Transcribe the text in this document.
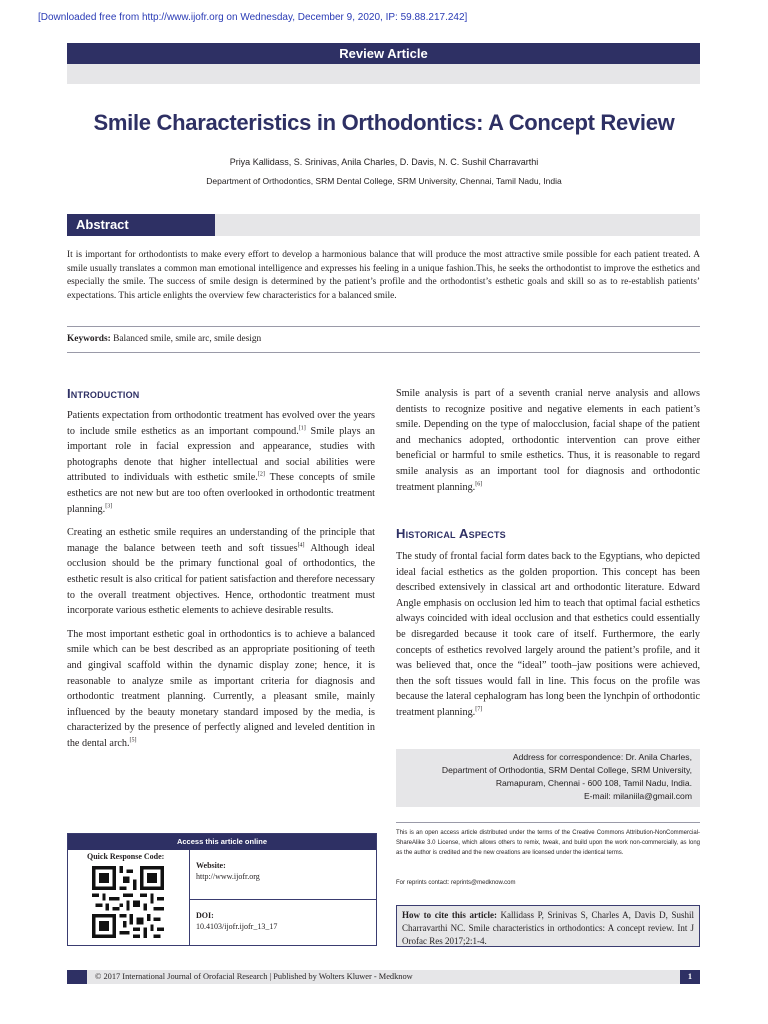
[Downloaded free from http://www.ijofr.org on Wednesday, December 9, 2020, IP: 59.88.217.242]
Review Article
Smile Characteristics in Orthodontics: A Concept Review
Priya Kallidass, S. Srinivas, Anila Charles, D. Davis, N. C. Sushil Charravarthi
Department of Orthodontics, SRM Dental College, SRM University, Chennai, Tamil Nadu, India
Abstract

It is important for orthodontists to make every effort to develop a harmonious balance that will produce the most attractive smile possible for each patient treated. A smile usually translates a common man emotional intelligence and expresses his feeling in a unique fashion.This, he seeks the orthodontist to improve the esthetics and especially the smile. The success of smile design is determined by the patient’s profile and the orthodontist’s esthetic goals and skill so as to re-establish patients’ expectations. This article enlights the overview few characteristics for a balanced smile.

Keywords: Balanced smile, smile arc, smile design
Introduction

Patients expectation from orthodontic treatment has evolved over the years to include smile esthetics as an important compound.[1] Smile plays an important role in facial expression and appearance, studies with photographs denote that higher intellectual and social abilities were attributed to individuals with esthetic smile.[2] These concepts of smile esthetics are not new but are too often overlooked in orthodontic treatment planning.[3]

Creating an esthetic smile requires an understanding of the principle that manage the balance between teeth and soft tissues[4] Although ideal occlusion should be the primary functional goal of orthodontics, the esthetic result is also critical for patient satisfaction and therefore necessary to the overall treatment objectives. Hence, orthodontic treatment must incorporate various esthetic elements to achieve desirable results.

The most important esthetic goal in orthodontics is to achieve a balanced smile which can be best described as an appropriate positioning of teeth and gingival scaffold within the dynamic display zone; hence, it is reasonable to analyze smile as important criteria for diagnosis and orthodontic treatment planning. Currently, a pleasant smile, mainly influenced by the beauty monetary standard imposed by the media, is characterized by the presence of perfectly aligned and leveled dentition in the dental arch.[5]

Smile analysis is part of a seventh cranial nerve analysis and allows dentists to recognize positive and negative elements in each patient’s smile. Depending on the type of malocclusion, facial shape of the patient and mechanics adopted, orthodontic intervention can prove either beneficial or harmful to smile esthetics. Thus, it is reasonable to regard smile analysis as an important tool for diagnosis and orthodontic treatment planning.[6]

Historical Aspects

The study of frontal facial form dates back to the Egyptians, who depicted ideal facial esthetics as the golden proportion. This concept has been described extensively in classical art and orthodontic literature. Edward Angle emphasis on occlusion led him to teach that optimal facial esthetics always coincided with ideal occlusion and that esthetics could essentially be disregarded because it took care of itself. Furthermore, the early concepts of esthetics revolved largely around the patient’s profile, and it was believed that, once the “ideal” tooth–jaw positions were achieved, then the soft tissues would fall in line. This focus on the profile was because the lateral cephalogram has long been the lynchpin of orthodontic treatment planning.[7]

Address for correspondence: Dr. Anila Charles,
Department of Orthodontia, SRM Dental College, SRM University,
Ramapuram, Chennai - 600 108, Tamil Nadu, India.
E-mail: milaniila@gmail.com

This is an open access article distributed under the terms of the Creative Commons Attribution-NonCommercial-ShareAlike 3.0 License, which allows others to remix, tweak, and build upon the work non-commercially, as long as the author is credited and the new creations are licensed under the identical terms.

For reprints contact: reprints@medknow.com
How to cite this article: Kallidass P, Srinivas S, Charles A, Davis D, Sushil Charravarthi NC. Smile characteristics in orthodontics: A concept review. Int J Orofac Res 2017;2:1-4.
Access this article online
Quick Response Code:
Website:
http://www.ijofr.org
DOI:
10.4103/ijofr.ijofr_13_17
© 2017 International Journal of Orofacial Research | Published by Wolters Kluwer - Medknow	1
